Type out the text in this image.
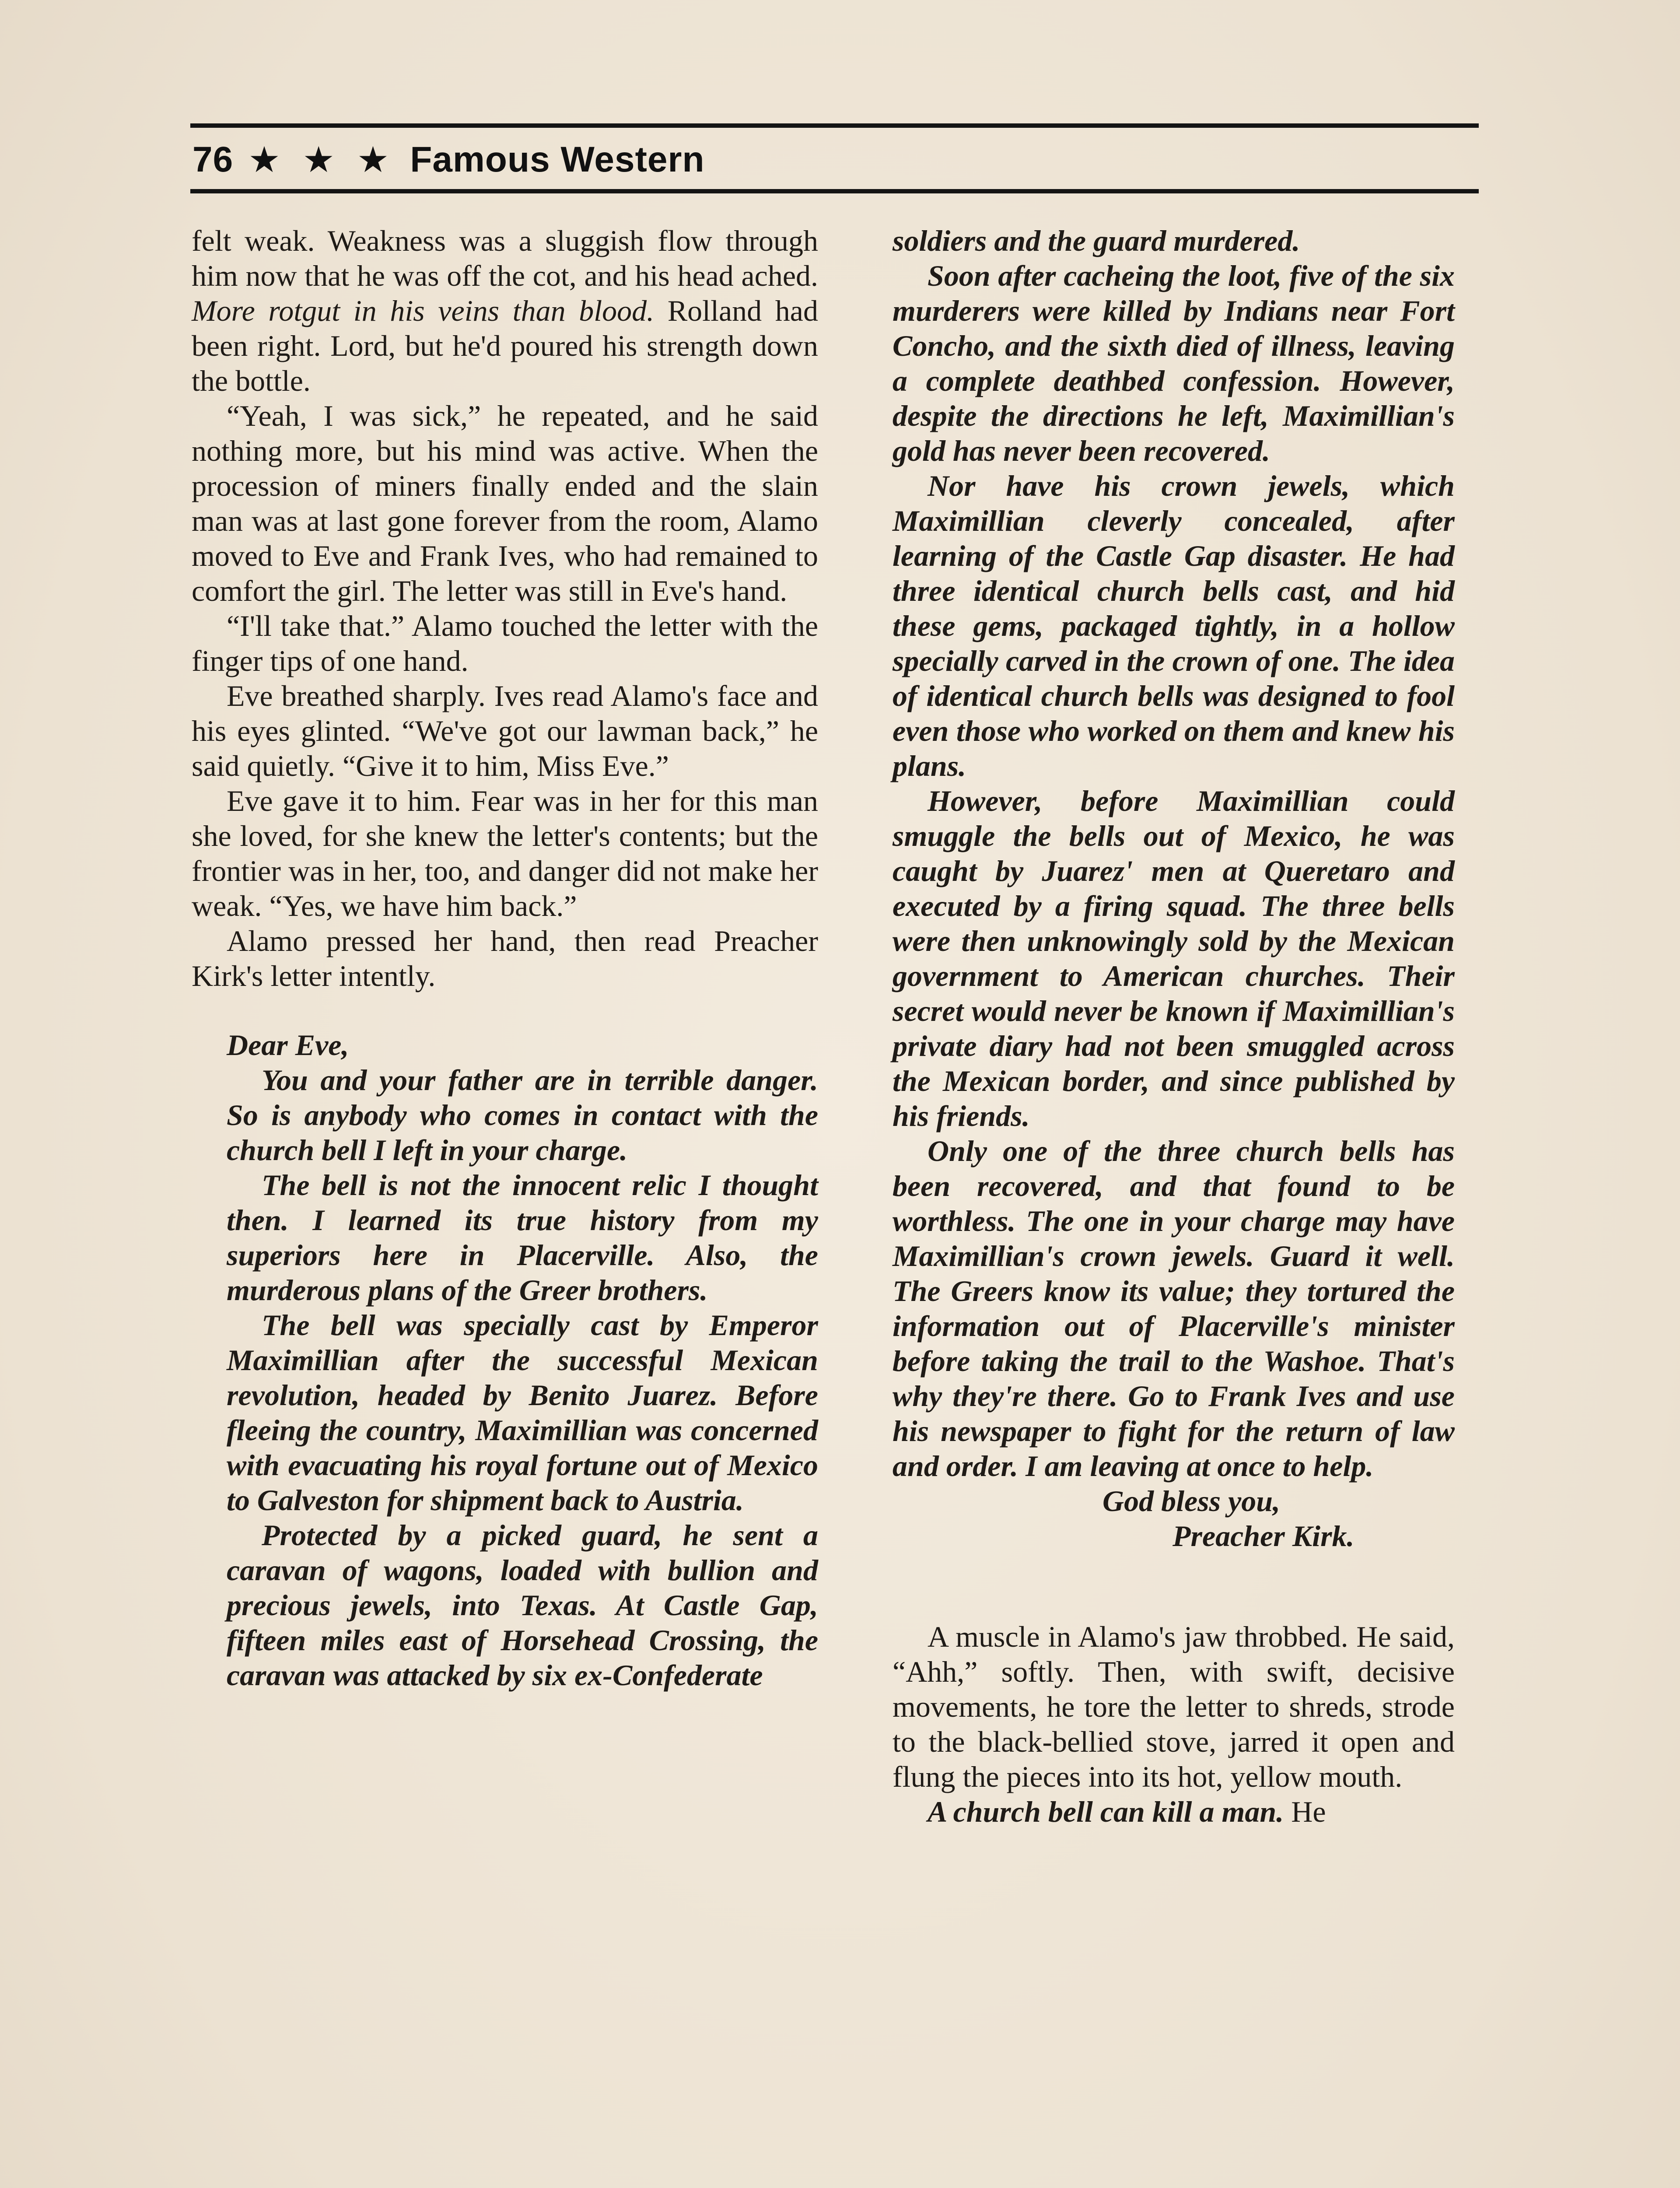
76 ★ ★ ★ Famous Western

felt weak. Weakness was a sluggish flow through him now that he was off the cot, and his head ached. More rotgut in his veins than blood. Rolland had been right. Lord, but he'd poured his strength down the bottle.

“Yeah, I was sick,” he repeated, and he said nothing more, but his mind was active. When the procession of miners finally ended and the slain man was at last gone forever from the room, Alamo moved to Eve and Frank Ives, who had remained to comfort the girl. The letter was still in Eve's hand.

“I'll take that.” Alamo touched the letter with the finger tips of one hand.

Eve breathed sharply. Ives read Alamo's face and his eyes glinted. “We've got our lawman back,” he said quietly. “Give it to him, Miss Eve.”

Eve gave it to him. Fear was in her for this man she loved, for she knew the letter's contents; but the frontier was in her, too, and danger did not make her weak. “Yes, we have him back.”

Alamo pressed her hand, then read Preacher Kirk's letter intently.

Dear Eve,

You and your father are in terrible danger. So is anybody who comes in contact with the church bell I left in your charge.

The bell is not the innocent relic I thought then. I learned its true history from my superiors here in Placerville. Also, the murderous plans of the Greer brothers.

The bell was specially cast by Emperor Maximillian after the successful Mexican revolution, headed by Benito Juarez. Before fleeing the country, Maximillian was concerned with evacuating his royal fortune out of Mexico to Galveston for shipment back to Austria.

Protected by a picked guard, he sent a caravan of wagons, loaded with bullion and precious jewels, into Texas. At Castle Gap, fifteen miles east of Horsehead Crossing, the caravan was attacked by six ex-Confederate

soldiers and the guard murdered.

Soon after cacheing the loot, five of the six murderers were killed by Indians near Fort Concho, and the sixth died of illness, leaving a complete deathbed confession. However, despite the directions he left, Maximillian's gold has never been recovered.

Nor have his crown jewels, which Maximillian cleverly concealed, after learning of the Castle Gap disaster. He had three identical church bells cast, and hid these gems, packaged tightly, in a hollow specially carved in the crown of one. The idea of identical church bells was designed to fool even those who worked on them and knew his plans.

However, before Maximillian could smuggle the bells out of Mexico, he was caught by Juarez' men at Queretaro and executed by a firing squad. The three bells were then unknowingly sold by the Mexican government to American churches. Their secret would never be known if Maximillian's private diary had not been smuggled across the Mexican border, and since published by his friends.

Only one of the three church bells has been recovered, and that found to be worthless. The one in your charge may have Maximillian's crown jewels. Guard it well. The Greers know its value; they tortured the information out of Placerville's minister before taking the trail to the Washoe. That's why they're there. Go to Frank Ives and use his newspaper to fight for the return of law and order. I am leaving at once to help.

God bless you,
Preacher Kirk.

A muscle in Alamo's jaw throbbed. He said, “Ahh,” softly. Then, with swift, decisive movements, he tore the letter to shreds, strode to the black-bellied stove, jarred it open and flung the pieces into its hot, yellow mouth.

A church bell can kill a man. He
